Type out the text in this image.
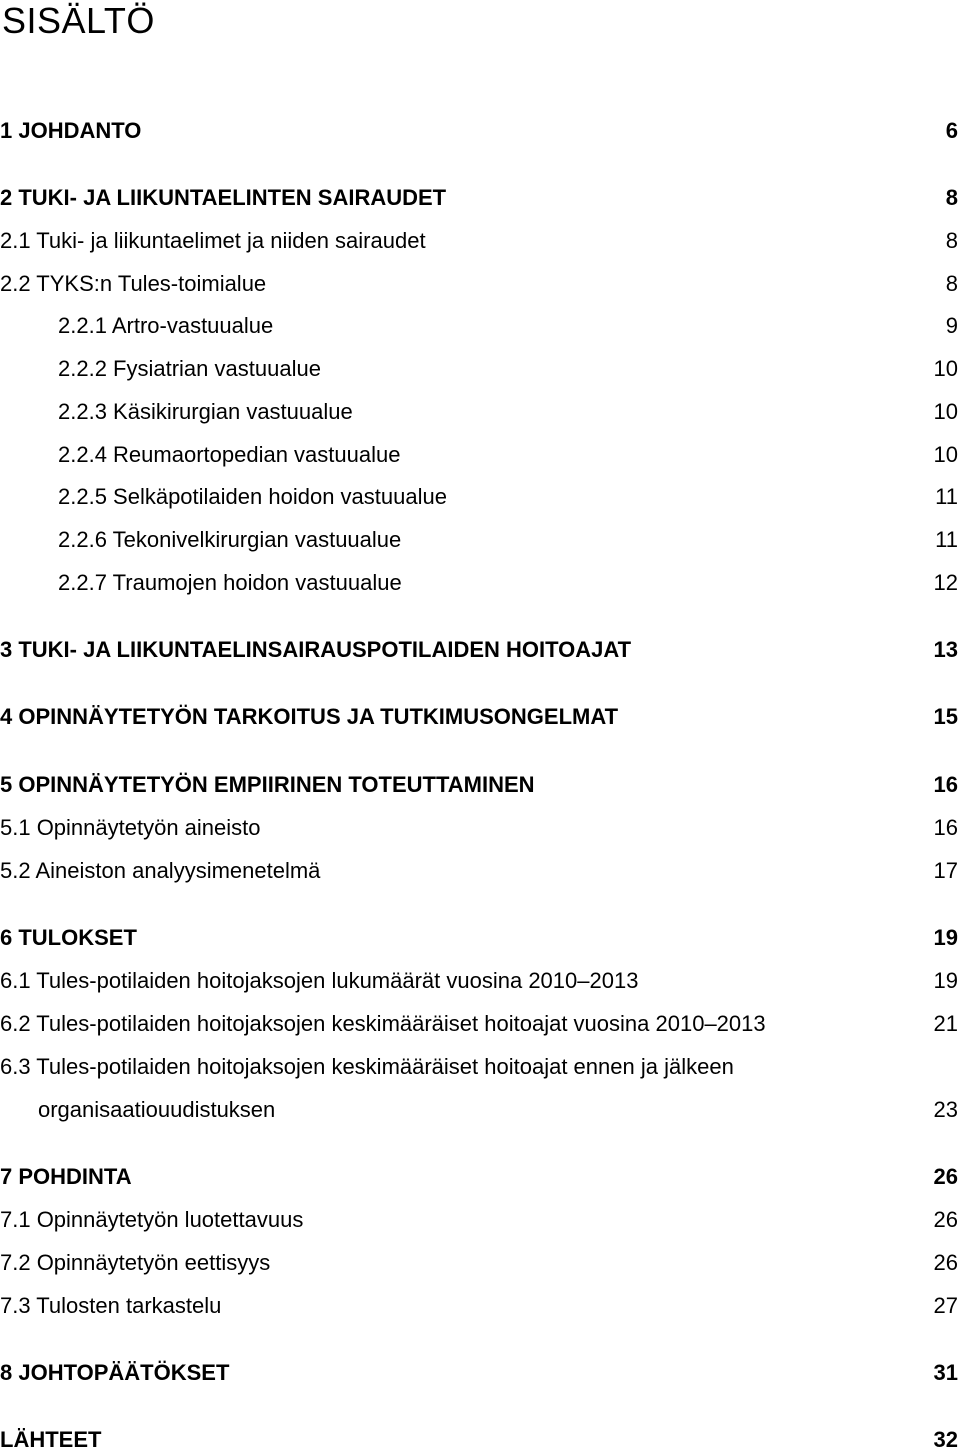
SISÄLTÖ
1 JOHDANTO	6
2 TUKI- JA LIIKUNTAELINTEN SAIRAUDET	8
2.1 Tuki- ja liikuntaelimet ja niiden sairaudet	8
2.2 TYKS:n Tules-toimialue	8
2.2.1 Artro-vastuualue	9
2.2.2 Fysiatrian vastuualue	10
2.2.3 Käsikirurgian vastuualue	10
2.2.4 Reumaortopedian vastuualue	10
2.2.5 Selkäpotilaiden hoidon vastuualue	11
2.2.6 Tekonivelkirurgian vastuualue	11
2.2.7 Traumojen hoidon vastuualue	12
3 TUKI- JA LIIKUNTAELINSAIRAUSPOTILAIDEN HOITOAJAT	13
4 OPINNÄYTETYÖN TARKOITUS JA TUTKIMUSONGELMAT	15
5 OPINNÄYTETYÖN EMPIIRINEN TOTEUTTAMINEN	16
5.1 Opinnäytetyön aineisto	16
5.2 Aineiston analyysimenetelmä	17
6 TULOKSET	19
6.1 Tules-potilaiden hoitojaksojen lukumäärät vuosina 2010–2013	19
6.2 Tules-potilaiden hoitojaksojen keskimääräiset hoitoajat vuosina 2010–2013	21
6.3 Tules-potilaiden hoitojaksojen keskimääräiset hoitoajat ennen ja jälkeen
organisaatiouudistuksen	23
7 POHDINTA	26
7.1 Opinnäytetyön luotettavuus	26
7.2 Opinnäytetyön eettisyys	26
7.3 Tulosten tarkastelu	27
8 JOHTOPÄÄTÖKSET	31
LÄHTEET	32
